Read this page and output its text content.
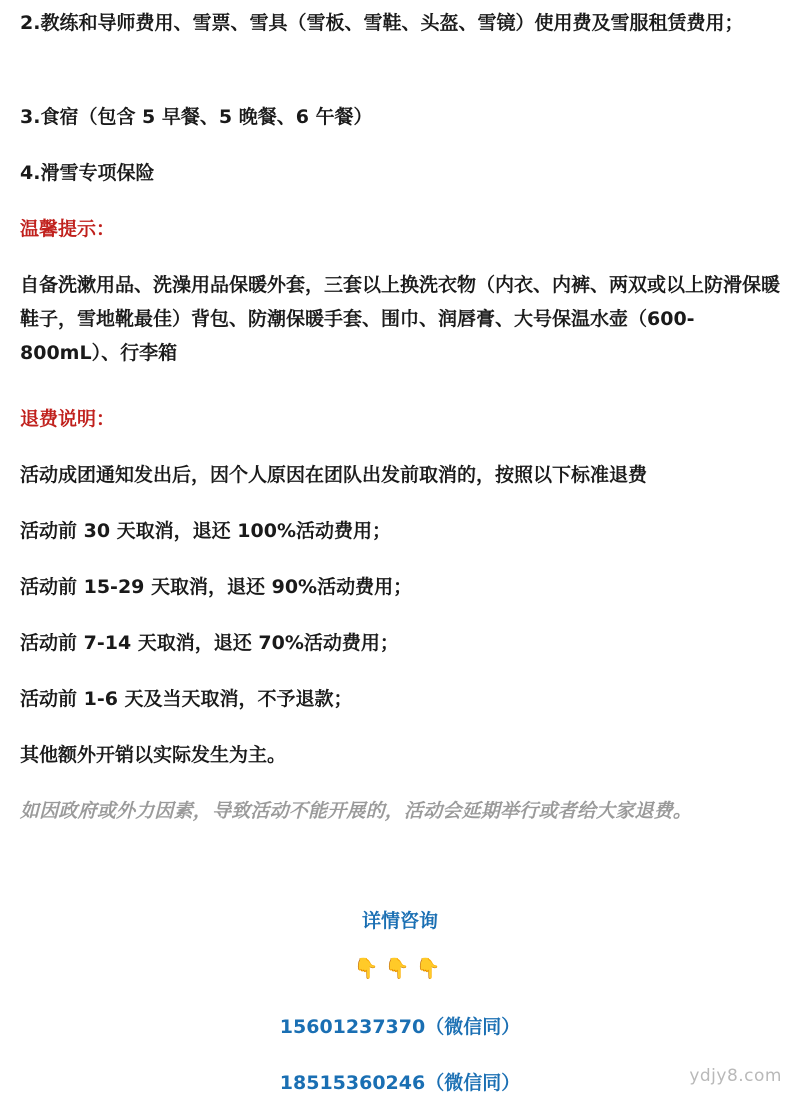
2.教练和导师费用、雪票、雪具（雪板、雪鞋、头盔、雪镜）使用费及雪服租赁费用；
3.食宿（包含 5 早餐、5 晚餐、6 午餐）
4.滑雪专项保险
温馨提示：
自备洗漱用品、洗澡用品保暖外套，三套以上换洗衣物（内衣、内裤、两双或以上防滑保暖鞋子，雪地靴最佳）背包、防潮保暖手套、围巾、润唇膏、大号保温水壶（600-800mL）、行李箱
退费说明：
活动成团通知发出后，因个人原因在团队出发前取消的，按照以下标准退费
活动前 30 天取消，退还 100%活动费用；
活动前 15-29 天取消，退还 90%活动费用；
活动前 7-14 天取消，退还 70%活动费用；
活动前 1-6 天及当天取消，不予退款；
其他额外开销以实际发生为主。
如因政府或外力因素，导致活动不能开展的，活动会延期举行或者给大家退费。
详情咨询
👇👇👇
15601237370（微信同）
18515360246（微信同）	ydjy8.com
